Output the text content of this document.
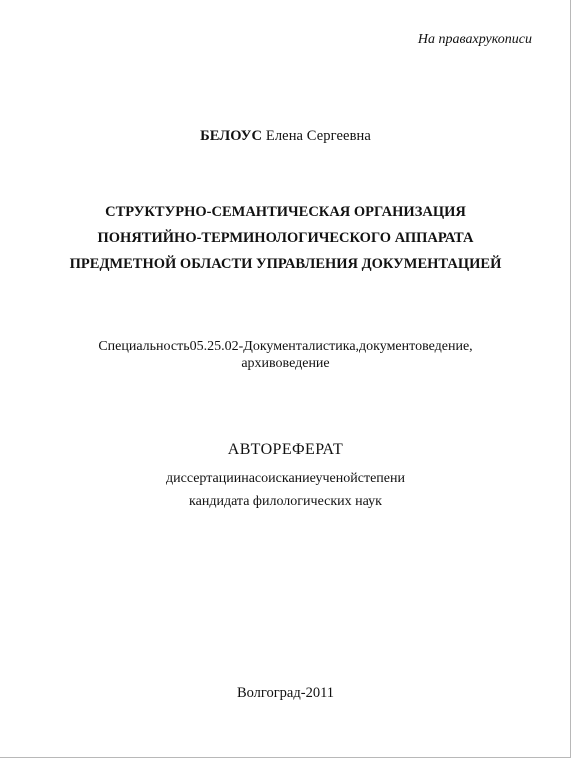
На правахрукописи

БЕЛОУС Елена Сергеевна

СТРУКТУРНО-СЕМАНТИЧЕСКАЯ ОРГАНИЗАЦИЯ
ПОНЯТИЙНО-ТЕРМИНОЛОГИЧЕСКОГО АППАРАТА
ПРЕДМЕТНОЙ ОБЛАСТИ УПРАВЛЕНИЯ ДОКУМЕНТАЦИЕЙ
Специальность05.25.02-Документалистика,документоведение,
архивоведение

АВТОРЕФЕРАТ

диссертациинасоисканиеученойстепени
кандидата филологических наук

Волгоград-2011
